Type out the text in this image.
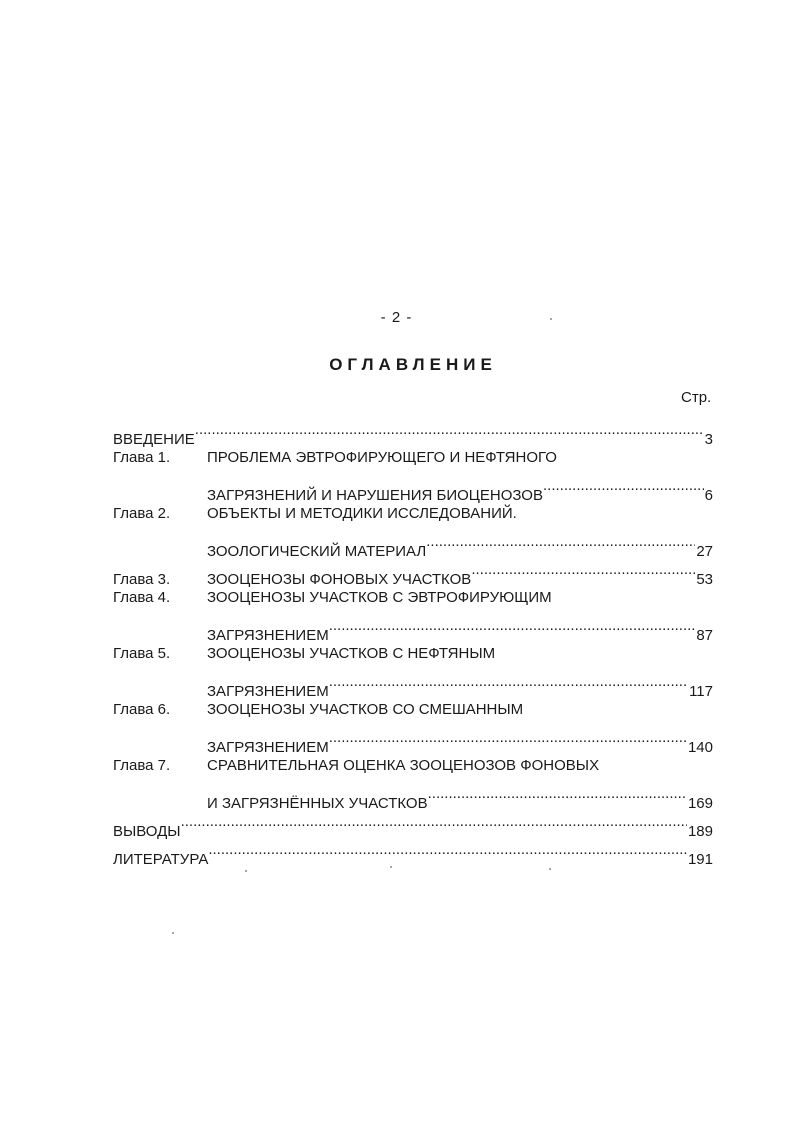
- 2 -
ОГЛАВЛЕНИЕ
Стр.
ВВЕДЕНИЕ .....	3
Глава 1.	ПРОБЛЕМА ЭВТРОФИРУЮЩЕГО И НЕФТЯНОГО
ЗАГРЯЗНЕНИЙ И НАРУШЕНИЯ БИОЦЕНОЗОВ .....	6
Глава 2.	ОБЪЕКТЫ И МЕТОДИКИ ИССЛЕДОВАНИЙ.
ЗООЛОГИЧЕСКИЙ МАТЕРИАЛ .....	27
Глава 3.	ЗООЦЕНОЗЫ ФОНОВЫХ УЧАСТКОВ .....	53
Глава 4.	ЗООЦЕНОЗЫ УЧАСТКОВ С ЭВТРОФИРУЮЩИМ
ЗАГРЯЗНЕНИЕМ .....	87
Глава 5.	ЗООЦЕНОЗЫ УЧАСТКОВ С НЕФТЯНЫМ
ЗАГРЯЗНЕНИЕМ .....	117
Глава 6.	ЗООЦЕНОЗЫ УЧАСТКОВ СО СМЕШАННЫМ
ЗАГРЯЗНЕНИЕМ .....	140
Глава 7.	СРАВНИТЕЛЬНАЯ ОЦЕНКА ЗООЦЕНОЗОВ ФОНОВЫХ
И ЗАГРЯЗНЁННЫХ УЧАСТКОВ .....	169
ВЫВОДЫ .....	189
ЛИТЕРАТУРА .....	191
